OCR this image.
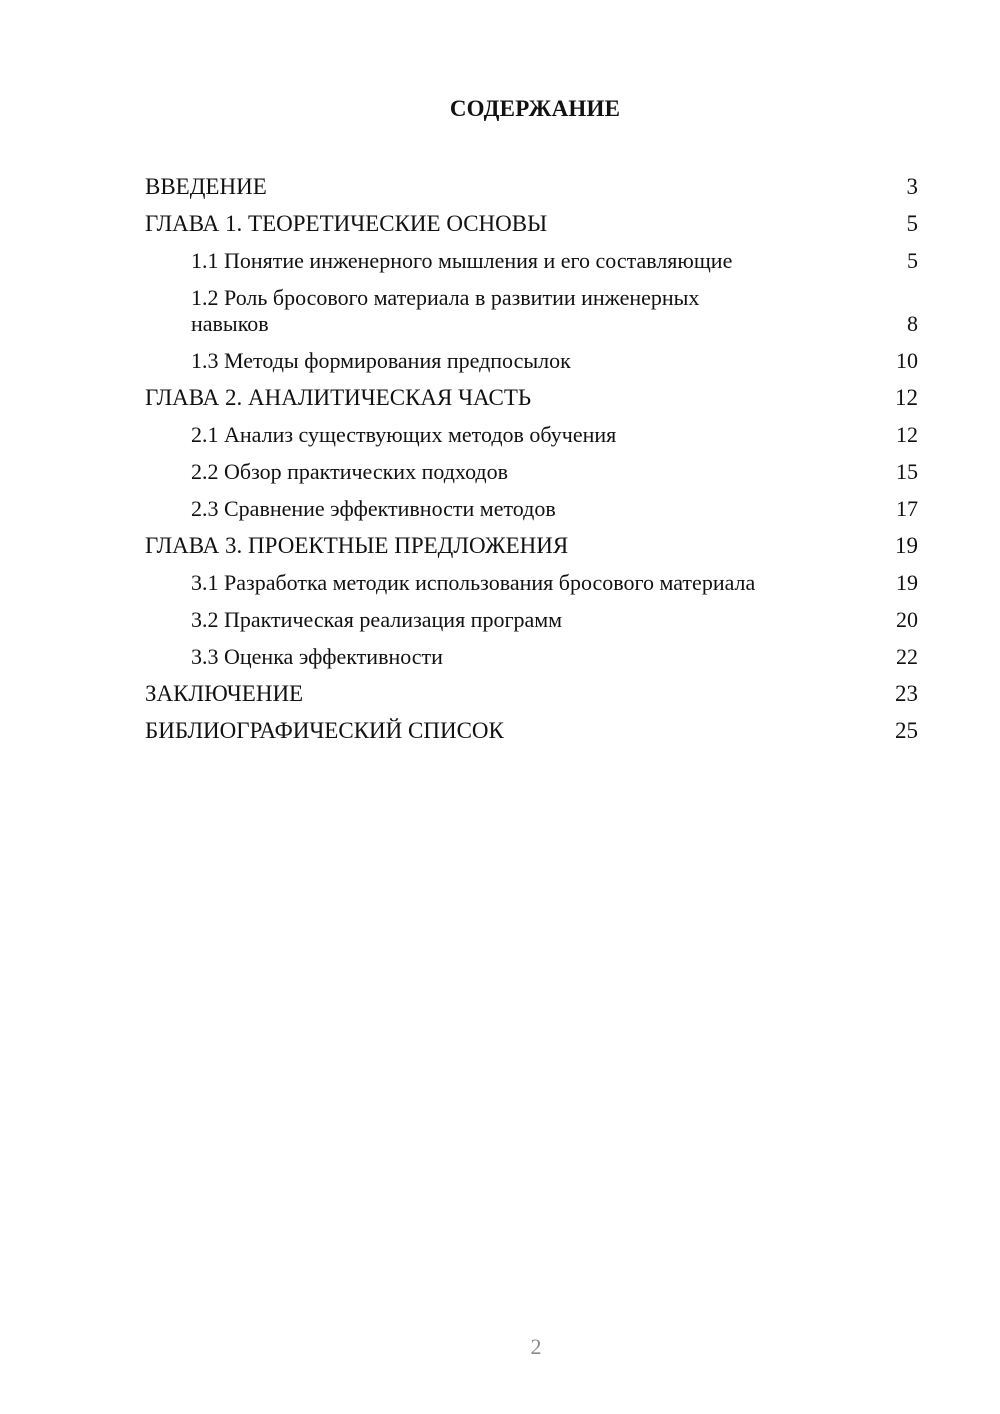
СОДЕРЖАНИЕ
ВВЕДЕНИЕ	3
ГЛАВА 1. ТЕОРЕТИЧЕСКИЕ ОСНОВЫ	5
1.1 Понятие инженерного мышления и его составляющие	5
1.2 Роль бросового материала в развитии инженерных навыков	8
1.3 Методы формирования предпосылок	10
ГЛАВА 2. АНАЛИТИЧЕСКАЯ ЧАСТЬ	12
2.1 Анализ существующих методов обучения	12
2.2 Обзор практических подходов	15
2.3 Сравнение эффективности методов	17
ГЛАВА 3. ПРОЕКТНЫЕ ПРЕДЛОЖЕНИЯ	19
3.1 Разработка методик использования бросового материала	19
3.2 Практическая реализация программ	20
3.3 Оценка эффективности	22
ЗАКЛЮЧЕНИЕ	23
БИБЛИОГРАФИЧЕСКИЙ СПИСОК	25
2
